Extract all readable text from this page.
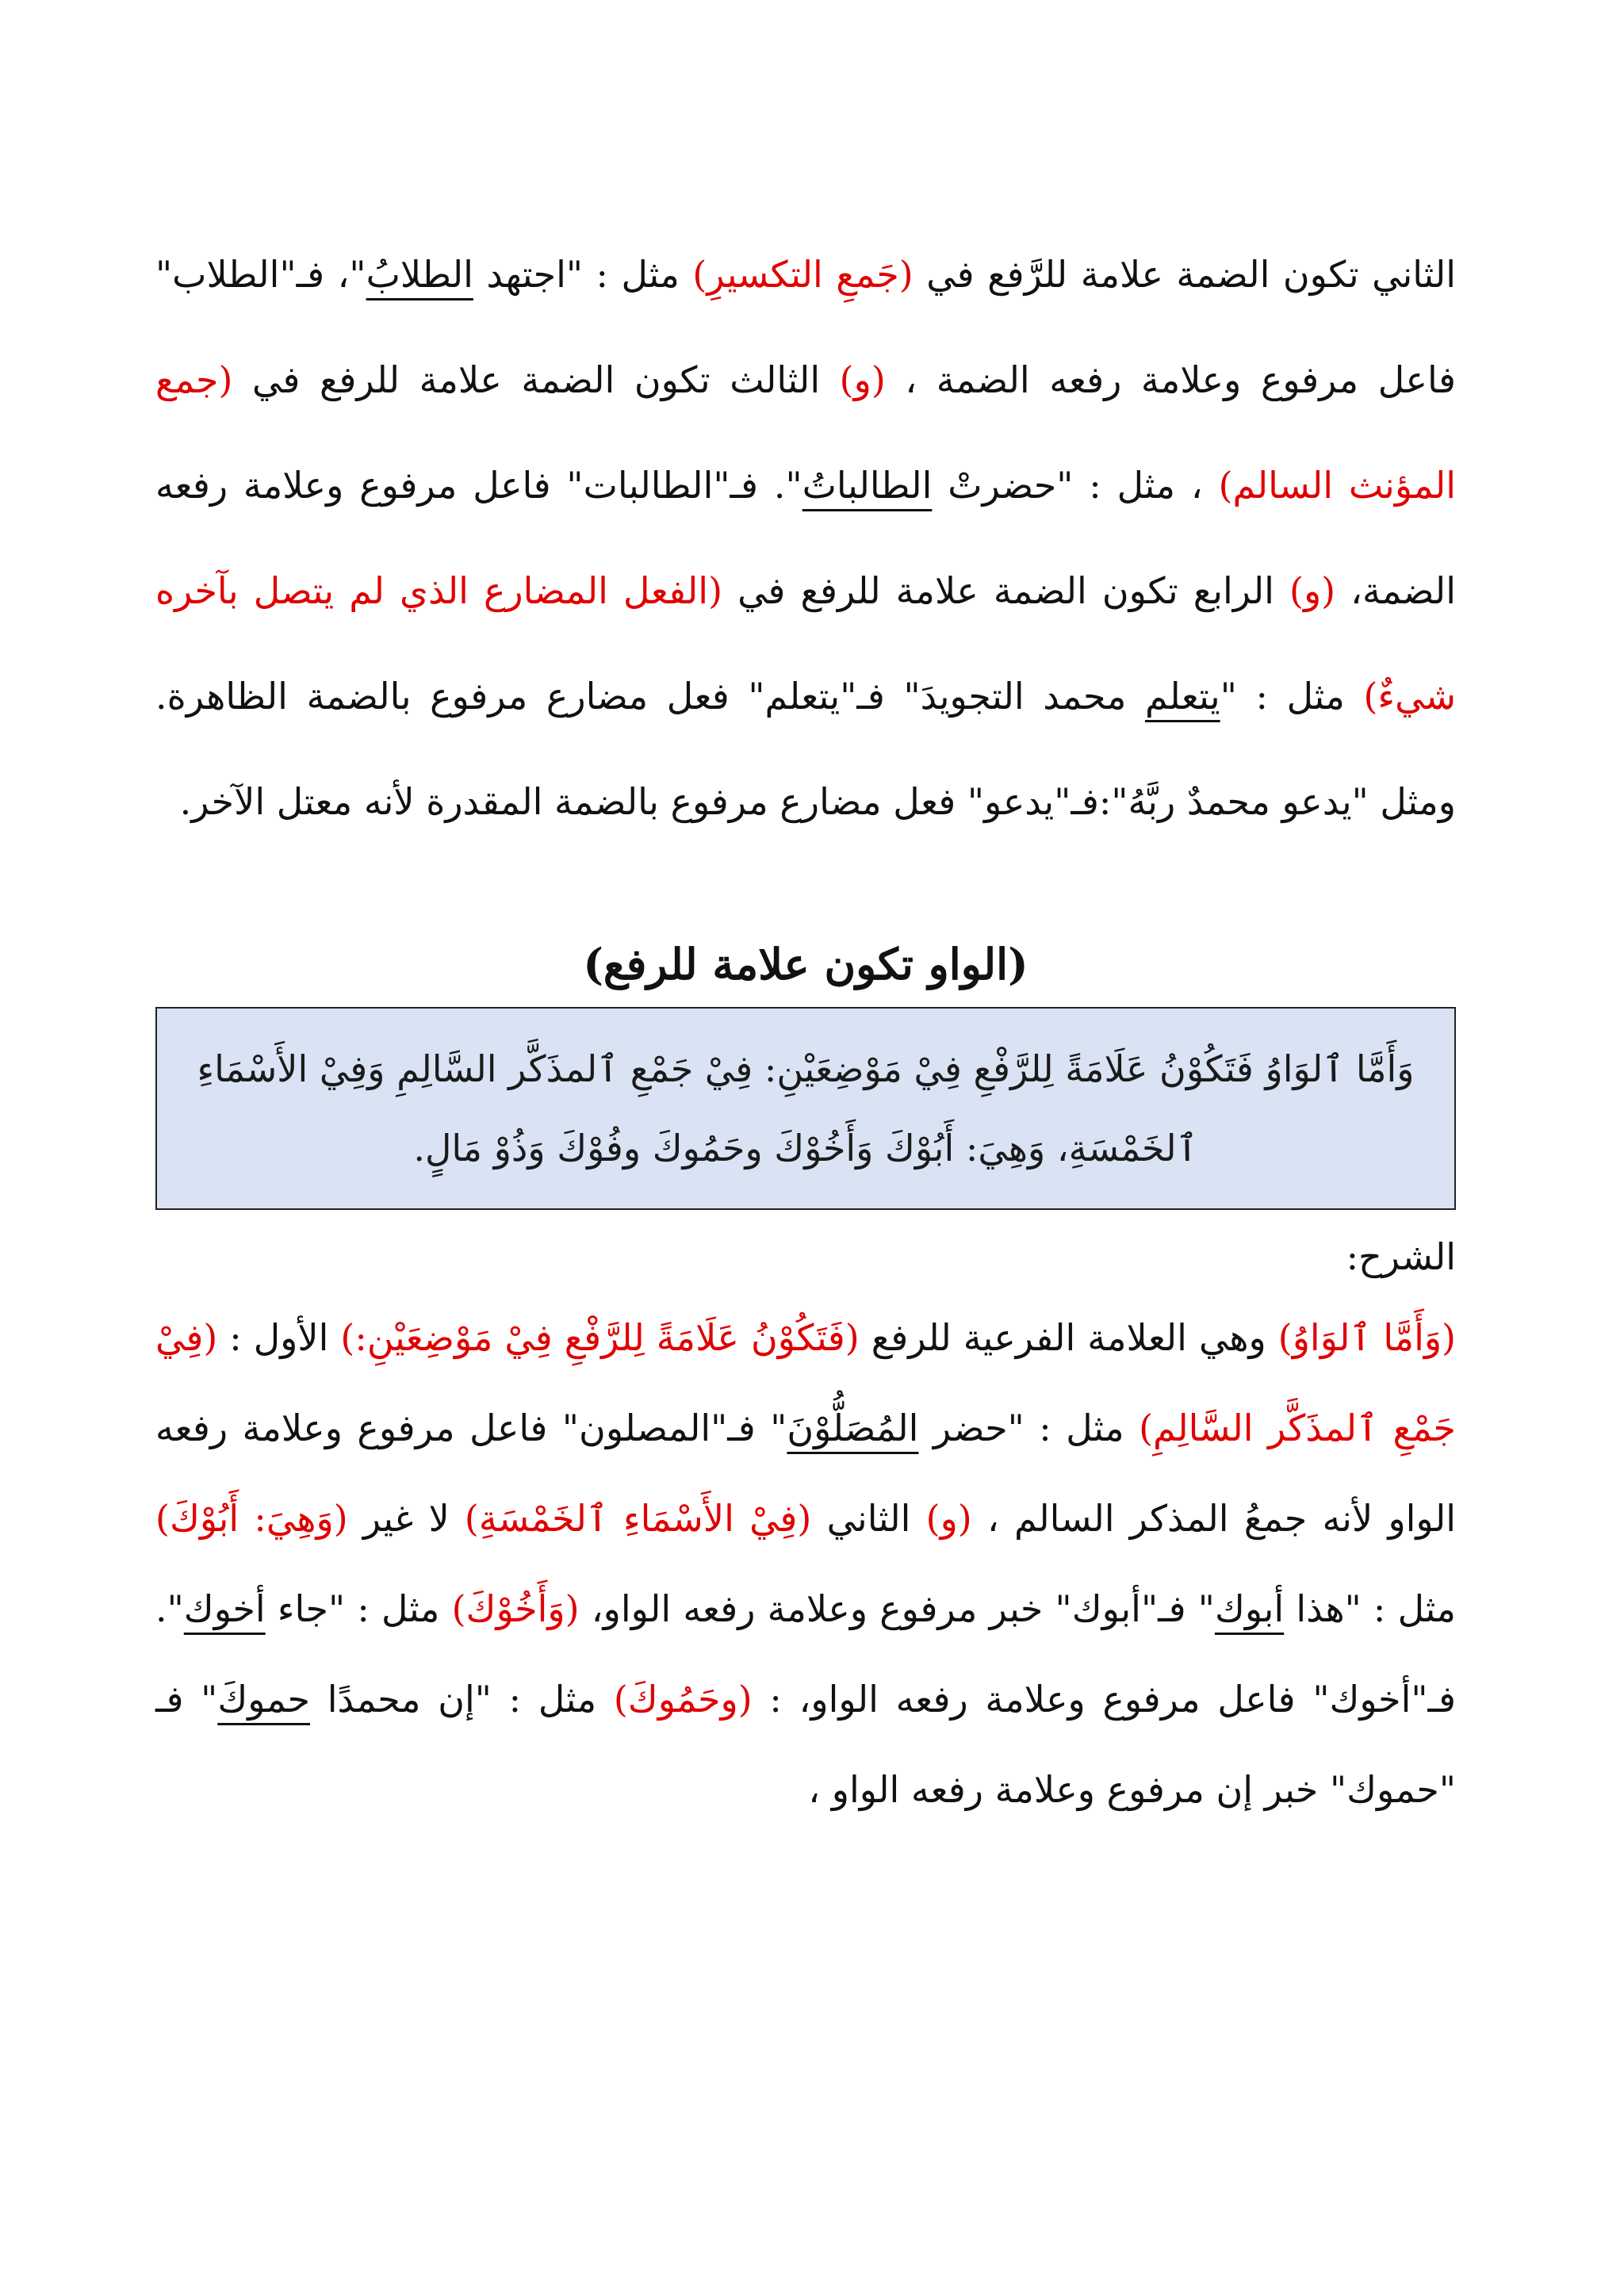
الثاني تكون الضمة علامة للرَّفع في (جَمعِ التكسيرِ) مثل : "اجتهد الطلابُ"، فـ"الطلاب" فاعل مرفوع وعلامة رفعه الضمة ، (و) الثالث تكون الضمة علامة للرفع في (جمع المؤنث السالم) ، مثل : "حضرتْ الطالباتُ". فـ"الطالبات" فاعل مرفوع وعلامة رفعه الضمة، (و) الرابع تكون الضمة علامة للرفع في (الفعل المضارع الذي لم يتصل بآخره شيءٌ) مثل : "يتعلم محمد التجويدَ" فـ"يتعلم" فعل مضارع مرفوع بالضمة الظاهرة. ومثل "يدعو محمدٌ ربَّهُ":فـ"يدعو" فعل مضارع مرفوع بالضمة المقدرة لأنه معتل الآخر.

(الواو تكون علامة للرفع)
وَأَمَّا ٱلوَاوُ فَتَكُوْنُ عَلَامَةً لِلرَّفْعِ فِيْ مَوْضِعَيْنِ: فِيْ جَمْعِ ٱلمذَكَّر السَّالِمِ وَفِيْ الأَسْمَاءِ ٱلخَمْسَةِ، وَهِيَ: أَبُوْكَ وَأَخُوْكَ وحَمُوكَ وفُوْكَ وَذُوْ مَالٍ.
الشرح:

(وَأَمَّا ٱلوَاوُ) وهي العلامة الفرعية للرفع (فَتَكُوْنُ عَلَامَةً لِلرَّفْعِ فِيْ مَوْضِعَيْنِ:) الأول : (فِيْ جَمْعِ ٱلمذَكَّر السَّالِمِ) مثل : "حضر المُصَلُّوْنَ" فـ"المصلون" فاعل مرفوع وعلامة رفعه الواو لأنه جمعُ المذكر السالم ، (و) الثاني (فِيْ الأَسْمَاءِ ٱلخَمْسَةِ) لا غير (وَهِيَ: أَبُوْكَ) مثل : "هذا أبوك" فـ"أبوك" خبر مرفوع وعلامة رفعه الواو، (وَأَخُوْكَ) مثل : "جاء أخوك". فـ"أخوك" فاعل مرفوع وعلامة رفعه الواو، : (وحَمُوكَ) مثل : "إن محمدًا حموكَ" فـ "حموك" خبر إن مرفوع وعلامة رفعه الواو ،
